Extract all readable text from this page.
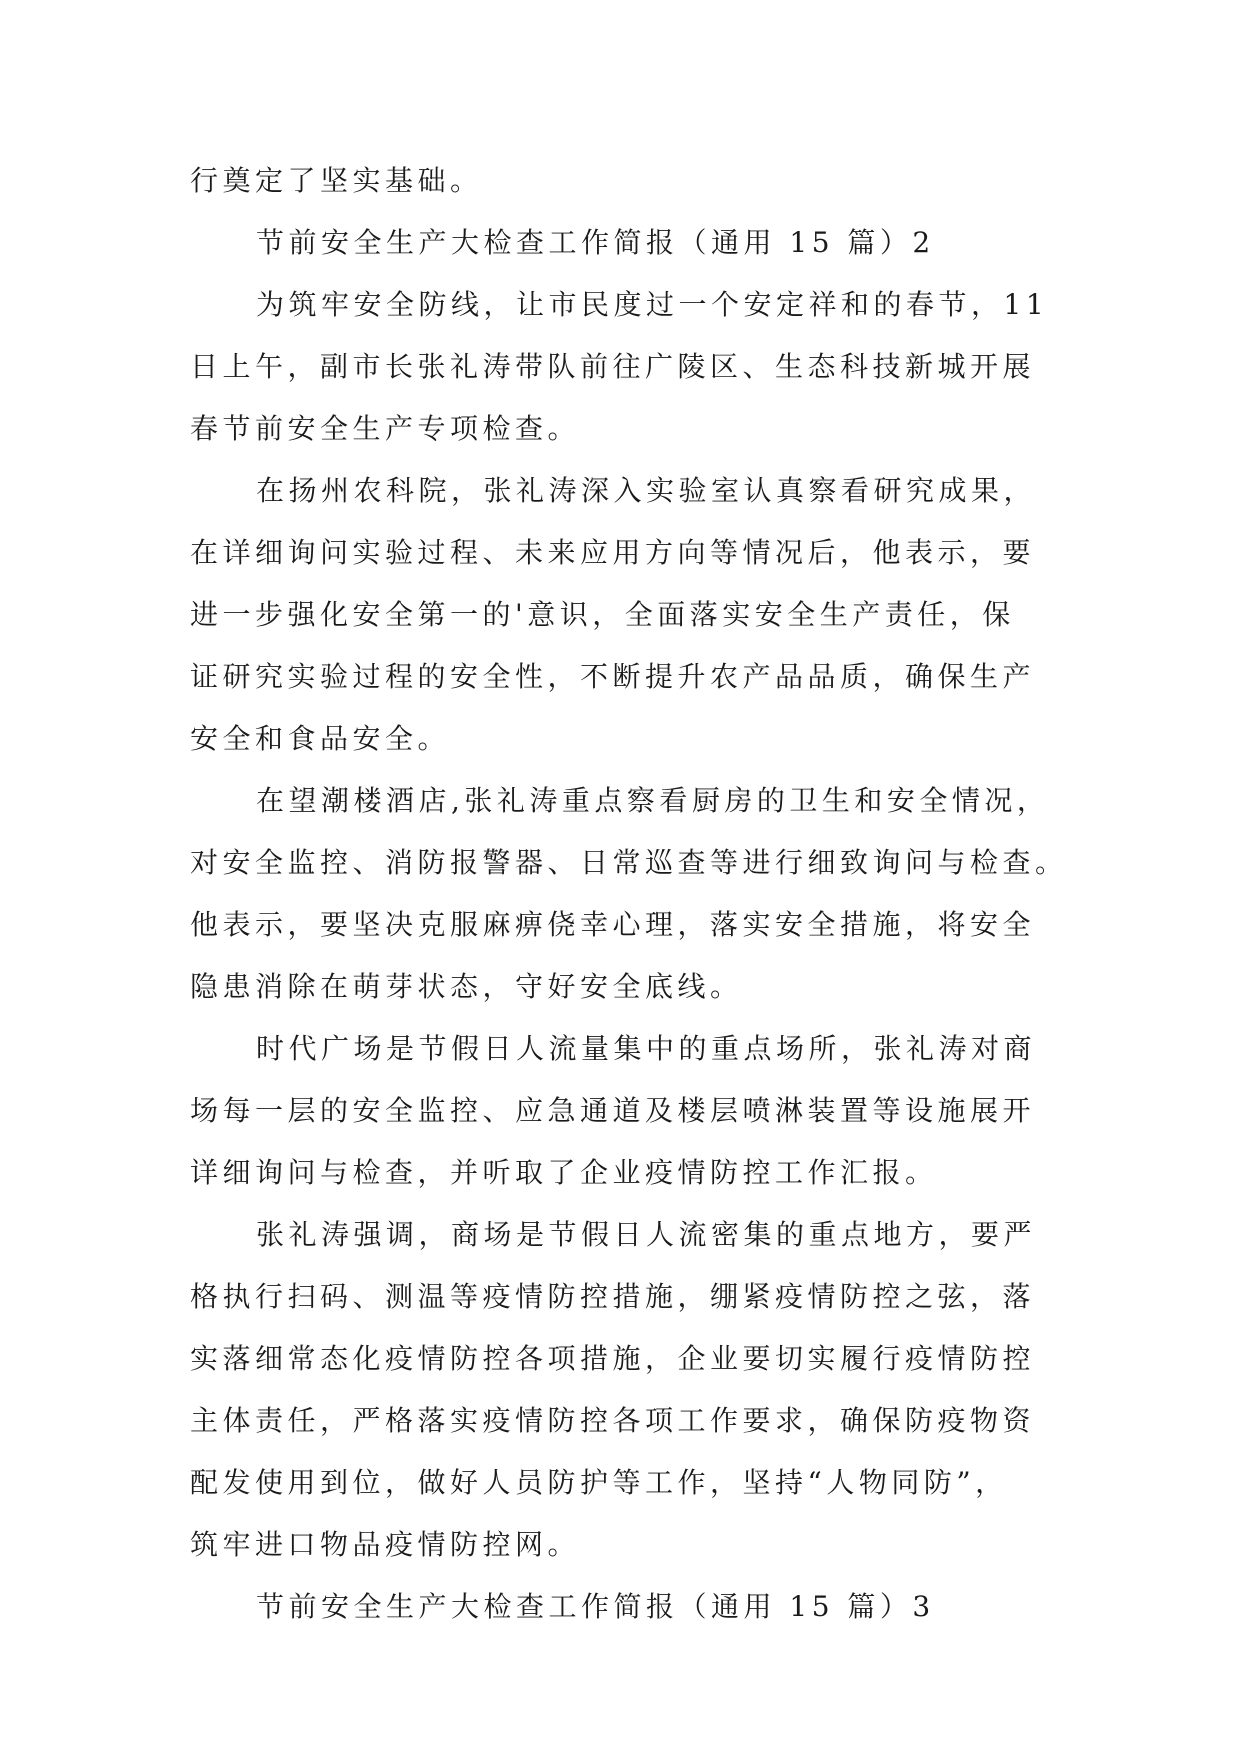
行奠定了坚实基础。
节前安全生产大检查工作简报（通用 15 篇）2
为筑牢安全防线，让市民度过一个安定祥和的春节，11
日上午，副市长张礼涛带队前往广陵区、生态科技新城开展
春节前安全生产专项检查。
在扬州农科院，张礼涛深入实验室认真察看研究成果，
在详细询问实验过程、未来应用方向等情况后，他表示，要
进一步强化安全第一的'意识，全面落实安全生产责任，保
证研究实验过程的安全性，不断提升农产品品质，确保生产
安全和食品安全。
在望潮楼酒店,张礼涛重点察看厨房的卫生和安全情况，
对安全监控、消防报警器、日常巡查等进行细致询问与检查。
他表示，要坚决克服麻痹侥幸心理，落实安全措施，将安全
隐患消除在萌芽状态，守好安全底线。
时代广场是节假日人流量集中的重点场所，张礼涛对商
场每一层的安全监控、应急通道及楼层喷淋装置等设施展开
详细询问与检查，并听取了企业疫情防控工作汇报。
张礼涛强调，商场是节假日人流密集的重点地方，要严
格执行扫码、测温等疫情防控措施，绷紧疫情防控之弦，落
实落细常态化疫情防控各项措施，企业要切实履行疫情防控
主体责任，严格落实疫情防控各项工作要求，确保防疫物资
配发使用到位，做好人员防护等工作，坚持“人物同防”，
筑牢进口物品疫情防控网。
节前安全生产大检查工作简报（通用 15 篇）3
